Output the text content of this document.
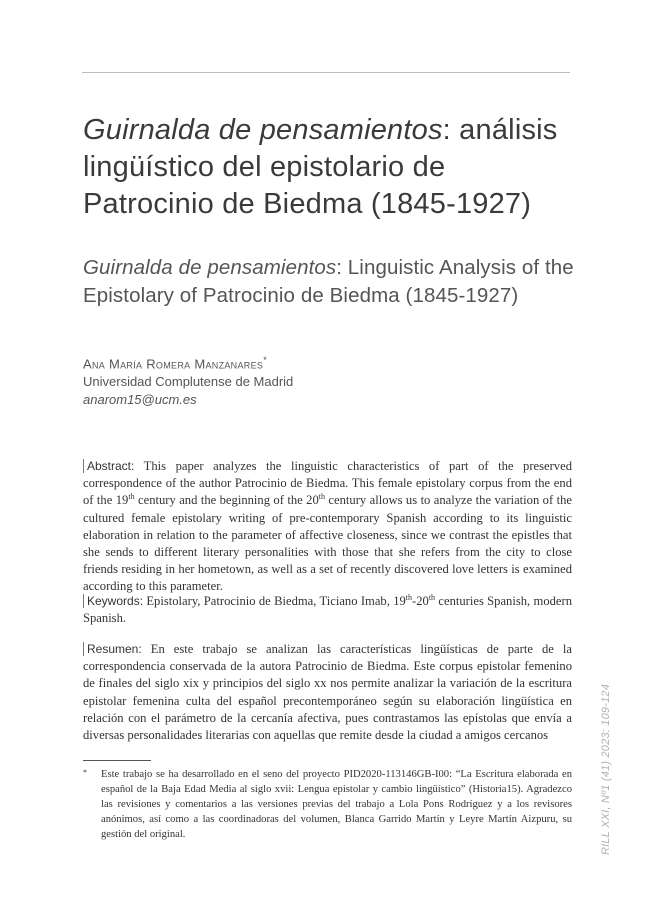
Guirnalda de pensamientos: análisis lingüístico del epistolario de Patrocinio de Biedma (1845-1927)
Guirnalda de pensamientos: Linguistic Analysis of the Epistolary of Patrocinio de Biedma (1845-1927)
Ana María Romera Manzanares*
Universidad Complutense de Madrid
anarom15@ucm.es
Abstract: This paper analyzes the linguistic characteristics of part of the preserved correspondence of the author Patrocinio de Biedma. This female epistolary corpus from the end of the 19th century and the beginning of the 20th century allows us to analyze the variation of the cultured female epistolary writing of pre-contemporary Spanish according to its linguistic elaboration in relation to the parameter of affective closeness, since we contrast the epistles that she sends to different literary personalities with those that she refers from the city to close friends residing in her hometown, as well as a set of recently discovered love letters is examined according to this parameter.
Keywords: Epistolary, Patrocinio de Biedma, Ticiano Imab, 19th-20th centuries Spanish, modern Spanish.
Resumen: En este trabajo se analizan las características lingüísticas de parte de la correspondencia conservada de la autora Patrocinio de Biedma. Este corpus epistolar femenino de finales del siglo xix y principios del siglo xx nos permite analizar la variación de la escritura epistolar femenina culta del español precontemporáneo según su elaboración lingüística en relación con el parámetro de la cercanía afectiva, pues contrastamos las epístolas que envía a diversas personalidades literarias con aquellas que remite desde la ciudad a amigos cercanos
*	Este trabajo se ha desarrollado en el seno del proyecto PID2020-113146GB-I00: “La Escritura elaborada en español de la Baja Edad Media al siglo xvii: Lengua epistolar y cambio lingüístico” (Historia15). Agradezco las revisiones y comentarios a las versiones previas del trabajo a Lola Pons Rodríguez y a los revisores anónimos, así como a las coordinadoras del volumen, Blanca Garrido Martín y Leyre Martín Aizpuru, su gestión del original.	RILL XXI, Nº1 (41) 2023: 109-124
